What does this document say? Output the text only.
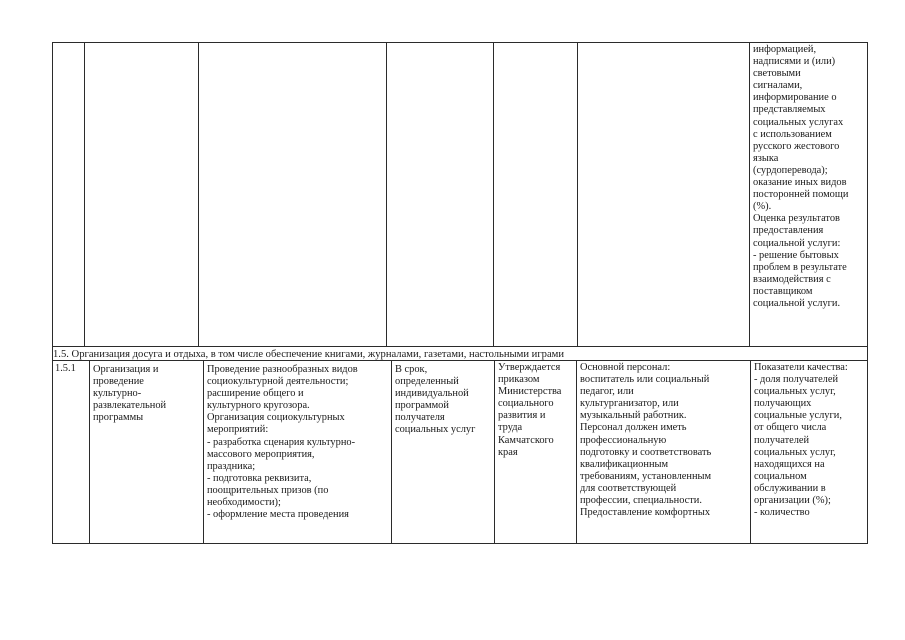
информацией,
надписями и (или)
световыми
сигналами,
информирование о
представляемых
социальных услугах
с использованием
русского жестового
языка
(сурдоперевода);
оказание иных видов
посторонней помощи
(%).
Оценка результатов
предоставления
социальной услуги:
- решение бытовых
проблем в результате
взаимодействия с
поставщиком
социальной услуги.
1.5. Организация досуга и отдыха, в том числе обеспечение книгами, журналами, газетами, настольными играми
1.5.1	Организация и
проведение
культурно-
развлекательной
программы
Проведение разнообразных видов
социокультурной деятельности;
расширение общего и
культурного кругозора.
Организация социокультурных
мероприятий:
- разработка сценария культурно-
массового мероприятия,
праздника;
- подготовка реквизита,
поощрительных призов (по
необходимости);
- оформление места проведения
В срок,
определенный
индивидуальной
программой
получателя
социальных услуг
Утверждается
приказом
Министерства
социального
развития и
труда
Камчатского
края
Основной персонал:
воспитатель или социальный
педагог, или
культурганизатор, или
музыкальный работник.
Персонал должен иметь
профессиональную
подготовку и соответствовать
квалификационным
требованиям, установленным
для соответствующей
профессии, специальности.
Предоставление комфортных
Показатели качества:
- доля получателей
социальных услуг,
получающих
социальные услуги,
от общего числа
получателей
социальных услуг,
находящихся на
социальном
обслуживании в
организации (%);
- количество
